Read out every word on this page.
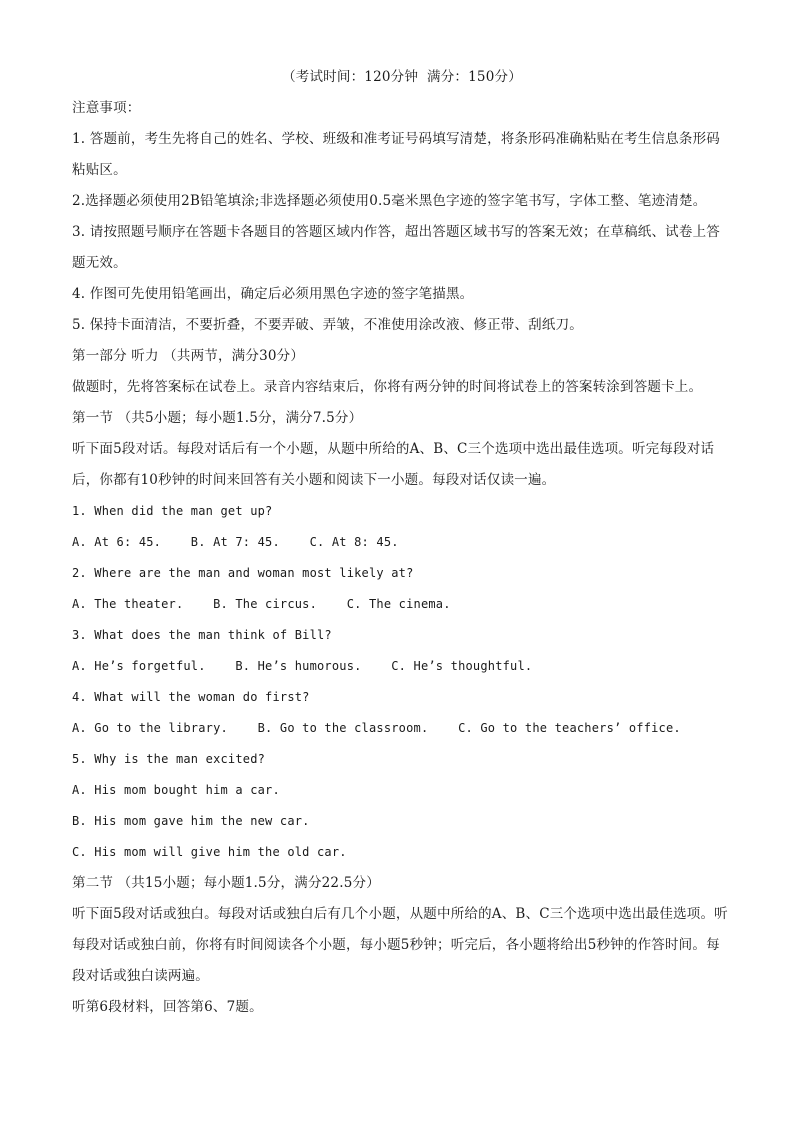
（考试时间：120分钟  满分：150分）
注意事项：
1. 答题前，考生先将自己的姓名、学校、班级和准考证号码填写清楚，将条形码准确粘贴在考生信息条形码粘贴区。
2.选择题必须使用2B铅笔填涂;非选择题必须使用0.5毫米黑色字迹的签字笔书写，字体工整、笔迹清楚。
3. 请按照题号顺序在答题卡各题目的答题区域内作答，超出答题区域书写的答案无效；在草稿纸、试卷上答题无效。
4. 作图可先使用铅笔画出，确定后必须用黑色字迹的签字笔描黑。
5. 保持卡面清洁，不要折叠，不要弄破、弄皱，不准使用涂改液、修正带、刮纸刀。
第一部分 听力 （共两节，满分30分）
做题时，先将答案标在试卷上。录音内容结束后，你将有两分钟的时间将试卷上的答案转涂到答题卡上。
第一节 （共5小题；每小题1.5分，满分7.5分）
听下面5段对话。每段对话后有一个小题，从题中所给的A、B、C三个选项中选出最佳选项。听完每段对话后，你都有10秒钟的时间来回答有关小题和阅读下一小题。每段对话仅读一遍。
1. When did the man get up?
A. At 6: 45.    B. At 7: 45.    C. At 8: 45.
2. Where are the man and woman most likely at?
A. The theater.    B. The circus.    C. The cinema.
3. What does the man think of Bill?
A. He’s forgetful.    B. He’s humorous.    C. He’s thoughtful.
4. What will the woman do first?
A. Go to the library.    B. Go to the classroom.    C. Go to the teachers’ office.
5. Why is the man excited?
A. His mom bought him a car.
B. His mom gave him the new car.
C. His mom will give him the old car.
第二节 （共15小题；每小题1.5分，满分22.5分）
听下面5段对话或独白。每段对话或独白后有几个小题，从题中所给的A、B、C三个选项中选出最佳选项。听每段对话或独白前，你将有时间阅读各个小题，每小题5秒钟；听完后，各小题将给出5秒钟的作答时间。每段对话或独白读两遍。
听第6段材料，回答第6、7题。
